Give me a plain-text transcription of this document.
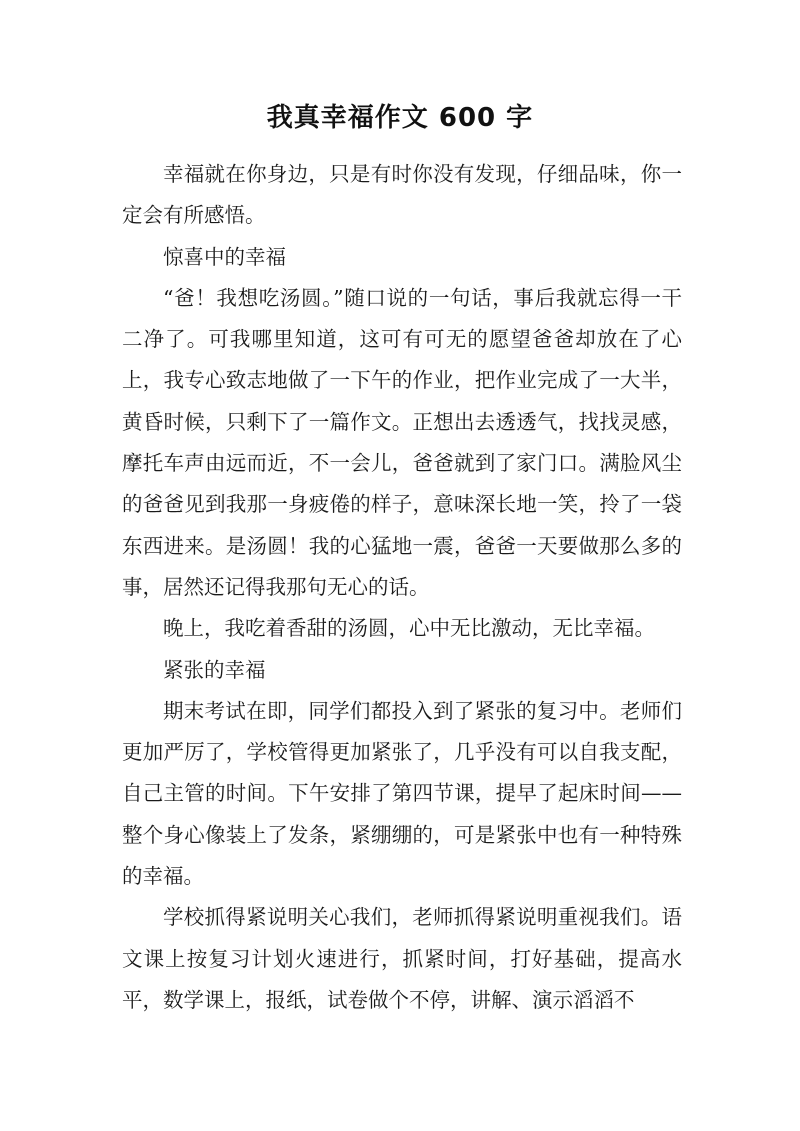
我真幸福作文 600 字

幸福就在你身边，只是有时你没有发现，仔细品味，你一定会有所感悟。

惊喜中的幸福

“爸！我想吃汤圆。”随口说的一句话，事后我就忘得一干二净了。可我哪里知道，这可有可无的愿望爸爸却放在了心上，我专心致志地做了一下午的作业，把作业完成了一大半，黄昏时候，只剩下了一篇作文。正想出去透透气，找找灵感，摩托车声由远而近，不一会儿，爸爸就到了家门口。满脸风尘的爸爸见到我那一身疲倦的样子，意味深长地一笑，拎了一袋东西进来。是汤圆！我的心猛地一震，爸爸一天要做那么多的事，居然还记得我那句无心的话。

晚上，我吃着香甜的汤圆，心中无比激动，无比幸福。

紧张的幸福

期末考试在即，同学们都投入到了紧张的复习中。老师们更加严厉了，学校管得更加紧张了，几乎没有可以自我支配，自己主管的时间。下午安排了第四节课，提早了起床时间——整个身心像装上了发条，紧绷绷的，可是紧张中也有一种特殊的幸福。

学校抓得紧说明关心我们，老师抓得紧说明重视我们。语文课上按复习计划火速进行，抓紧时间，打好基础，提高水平，数学课上，报纸，试卷做个不停，讲解、演示滔滔不
